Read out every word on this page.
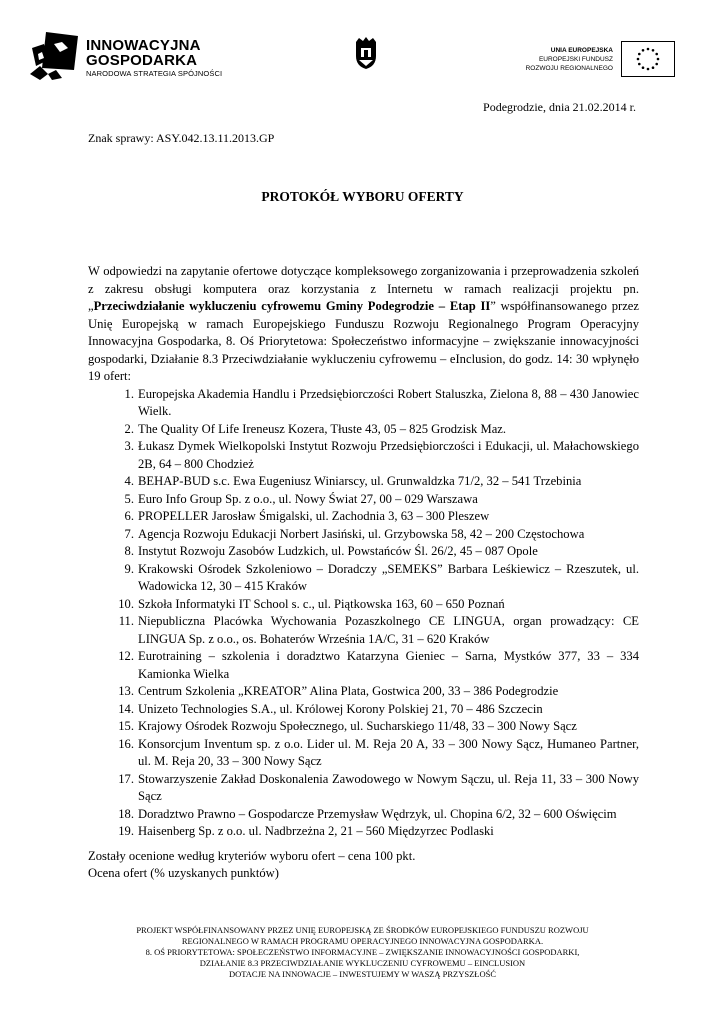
INNOWACYJNA
GOSPODARKA
NARODOWA STRATEGIA SPÓJNOŚCI
UNIA EUROPEJSKA
EUROPEJSKI FUNDUSZ
ROZWOJU REGIONALNEGO
Podegrodzie, dnia 21.02.2014 r.
Znak sprawy: ASY.042.13.11.2013.GP
PROTOKÓŁ WYBORU OFERTY

W odpowiedzi na zapytanie ofertowe dotyczące kompleksowego zorganizowania i przeprowadzenia szkoleń z zakresu obsługi komputera oraz korzystania z Internetu w ramach realizacji projektu pn. „Przeciwdziałanie wykluczeniu cyfrowemu Gminy Podegrodzie – Etap II” współfinansowanego przez Unię Europejską w ramach Europejskiego Funduszu Rozwoju Regionalnego Program Operacyjny Innowacyjna Gospodarka, 8. Oś Priorytetowa: Społeczeństwo informacyjne – zwiększanie innowacyjności gospodarki, Działanie 8.3 Przeciwdziałanie wykluczeniu cyfrowemu – eInclusion, do godz. 14: 30 wpłynęło 19 ofert:

1. Europejska Akademia Handlu i Przedsiębiorczości Robert Staluszka, Zielona 8, 88 – 430 Janowiec Wielk.
2. The Quality Of Life Ireneusz Kozera, Tłuste 43, 05 – 825 Grodzisk Maz.
3. Łukasz Dymek Wielkopolski Instytut Rozwoju Przedsiębiorczości i Edukacji, ul. Małachowskiego 2B, 64 – 800 Chodzież
4. BEHAP-BUD s.c. Ewa Eugeniusz Winiarscy, ul. Grunwaldzka 71/2, 32 – 541 Trzebinia
5. Euro Info Group Sp. z o.o., ul. Nowy Świat 27, 00 – 029 Warszawa
6. PROPELLER Jarosław Śmigalski, ul. Zachodnia 3, 63 – 300 Pleszew
7. Agencja Rozwoju Edukacji Norbert Jasiński, ul. Grzybowska 58, 42 – 200 Częstochowa
8. Instytut Rozwoju Zasobów Ludzkich, ul. Powstańców Śl. 26/2, 45 – 087 Opole
9. Krakowski Ośrodek Szkoleniowo – Doradczy „SEMEKS” Barbara Leśkiewicz – Rzeszutek, ul. Wadowicka 12, 30 – 415 Kraków
10. Szkoła Informatyki IT School s. c., ul. Piątkowska 163, 60 – 650 Poznań
11. Niepubliczna Placówka Wychowania Pozaszkolnego CE LINGUA, organ prowadzący: CE LINGUA Sp. z o.o., os. Bohaterów Września 1A/C, 31 – 620 Kraków
12. Eurotraining – szkolenia i doradztwo Katarzyna Gieniec – Sarna, Mystków 377, 33 – 334 Kamionka Wielka
13. Centrum Szkolenia „KREATOR” Alina Plata, Gostwica 200, 33 – 386 Podegrodzie
14. Unizeto Technologies S.A., ul. Królowej Korony Polskiej 21, 70 – 486 Szczecin
15. Krajowy Ośrodek Rozwoju Społecznego, ul. Sucharskiego 11/48, 33 – 300 Nowy Sącz
16. Konsorcjum Inventum sp. z o.o. Lider ul. M. Reja 20 A, 33 – 300 Nowy Sącz, Humaneo Partner, ul. M. Reja 20, 33 – 300 Nowy Sącz
17. Stowarzyszenie Zakład Doskonalenia Zawodowego w Nowym Sączu, ul. Reja 11, 33 – 300 Nowy Sącz
18. Doradztwo Prawno – Gospodarcze Przemysław Wędrzyk, ul. Chopina 6/2, 32 – 600 Oświęcim
19. Haisenberg Sp. z o.o. ul. Nadbrzeżna 2, 21 – 560 Międzyrzec Podlaski
Zostały ocenione według kryteriów wyboru ofert – cena 100 pkt.
Ocena ofert (% uzyskanych punktów)
PROJEKT WSPÓŁFINANSOWANY PRZEZ UNIĘ EUROPEJSKĄ ZE ŚRODKÓW EUROPEJSKIEGO FUNDUSZU ROZWOJU
REGIONALNEGO W RAMACH PROGRAMU OPERACYJNEGO INNOWACYJNA GOSPODARKA.
8. OŚ PRIORYTETOWA: SPOŁECZEŃSTWO INFORMACYJNE – ZWIĘKSZANIE INNOWACYJNOŚCI GOSPODARKI,
DZIAŁANIE 8.3 PRZECIWDZIAŁANIE WYKLUCZENIU CYFROWEMU – EINCLUSION
DOTACJE NA INNOWACJE – INWESTUJEMY W WASZĄ PRZYSZŁOŚĆ
